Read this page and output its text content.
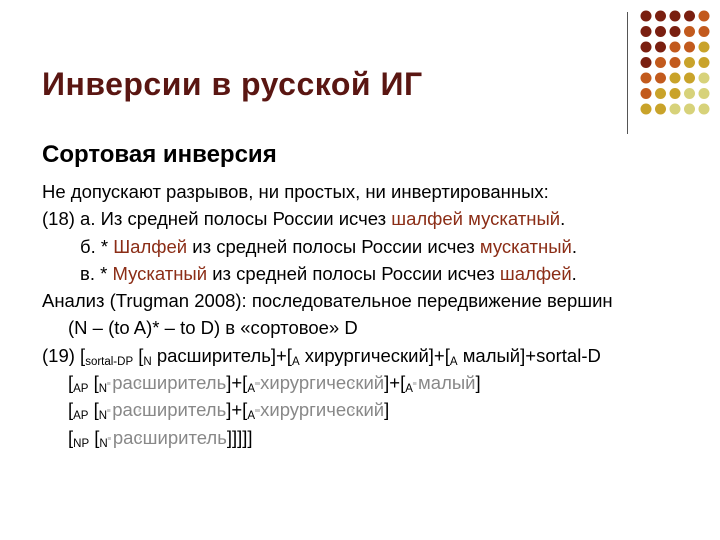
Инверсии в русской ИГ
Сортовая инверсия
Не допускают разрывов, ни простых, ни инвертированных:
(18) а. Из средней полосы России исчез шалфей мускатный.
б. * Шалфей из средней полосы России исчез мускатный.
в. * Мускатный из средней полосы России исчез шалфей.
Анализ (Trugman 2008): последовательное передвижение вершин
(N – (to A)* – to D) в «сортовое» D
(19) [$_{sortal-DP}$ [$_N$ $расширитель]+[_A$ $хирургический]+[_A$ малый]+sortal-D
[$_{AP}$ [$_N$ $расширитель]+[_A$ $хирургический]+[_A$ малый]
[$_{AP}$ [$_N$ $расширитель]+[_A$ хирургический]
[$_{NP}$ [$_N$ расширитель]]]]]
